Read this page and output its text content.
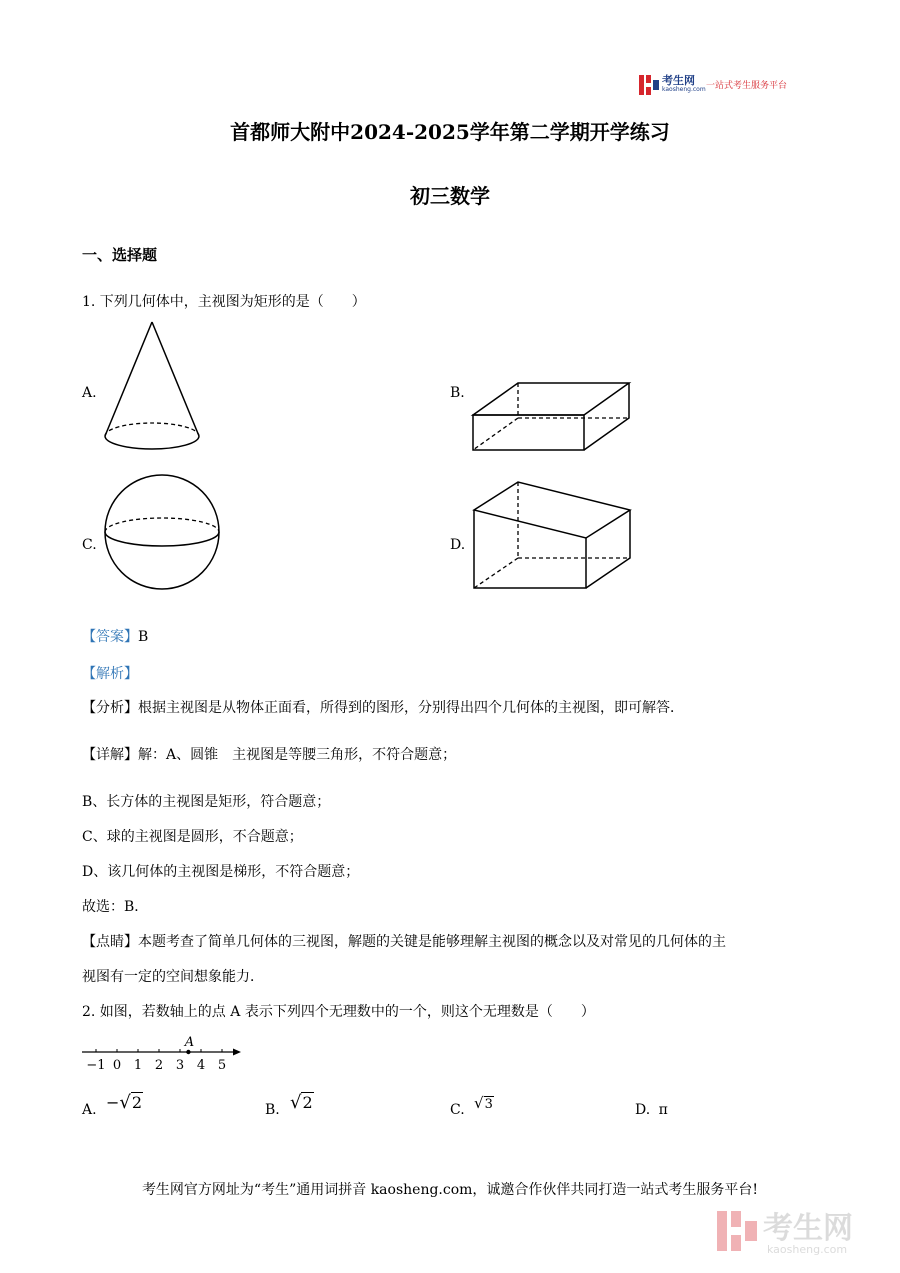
考生网
kaosheng.com 一站式考生服务平台
首都师大附中2024-2025学年第二学期开学练习
初三数学
一、选择题
1. 下列几何体中，主视图为矩形的是（　　）
A.	B.
C.	D.
【答案】B
【解析】
【分析】根据主视图是从物体正面看，所得到的图形，分别得出四个几何体的主视图，即可解答．
【详解】解：A、圆锥　主视图是等腰三角形，不符合题意；
B、长方体的主视图是矩形，符合题意；
C、球的主视图是圆形，不合题意；
D、该几何体的主视图是梯形，不符合题意；
故选：B．
【点睛】本题考查了简单几何体的三视图，解题的关键是能够理解主视图的概念以及对常见的几何体的主
视图有一定的空间想象能力．
2. 如图，若数轴上的点 A 表示下列四个无理数中的一个，则这个无理数是（　　）
−1 0 1 2 3 4 5
A
A. −√2	B. √2	C. √3	D. π
考生网官方网址为“考生”通用词拼音 kaosheng.com，诚邀合作伙伴共同打造一站式考生服务平台!
考生网
kaosheng.com
